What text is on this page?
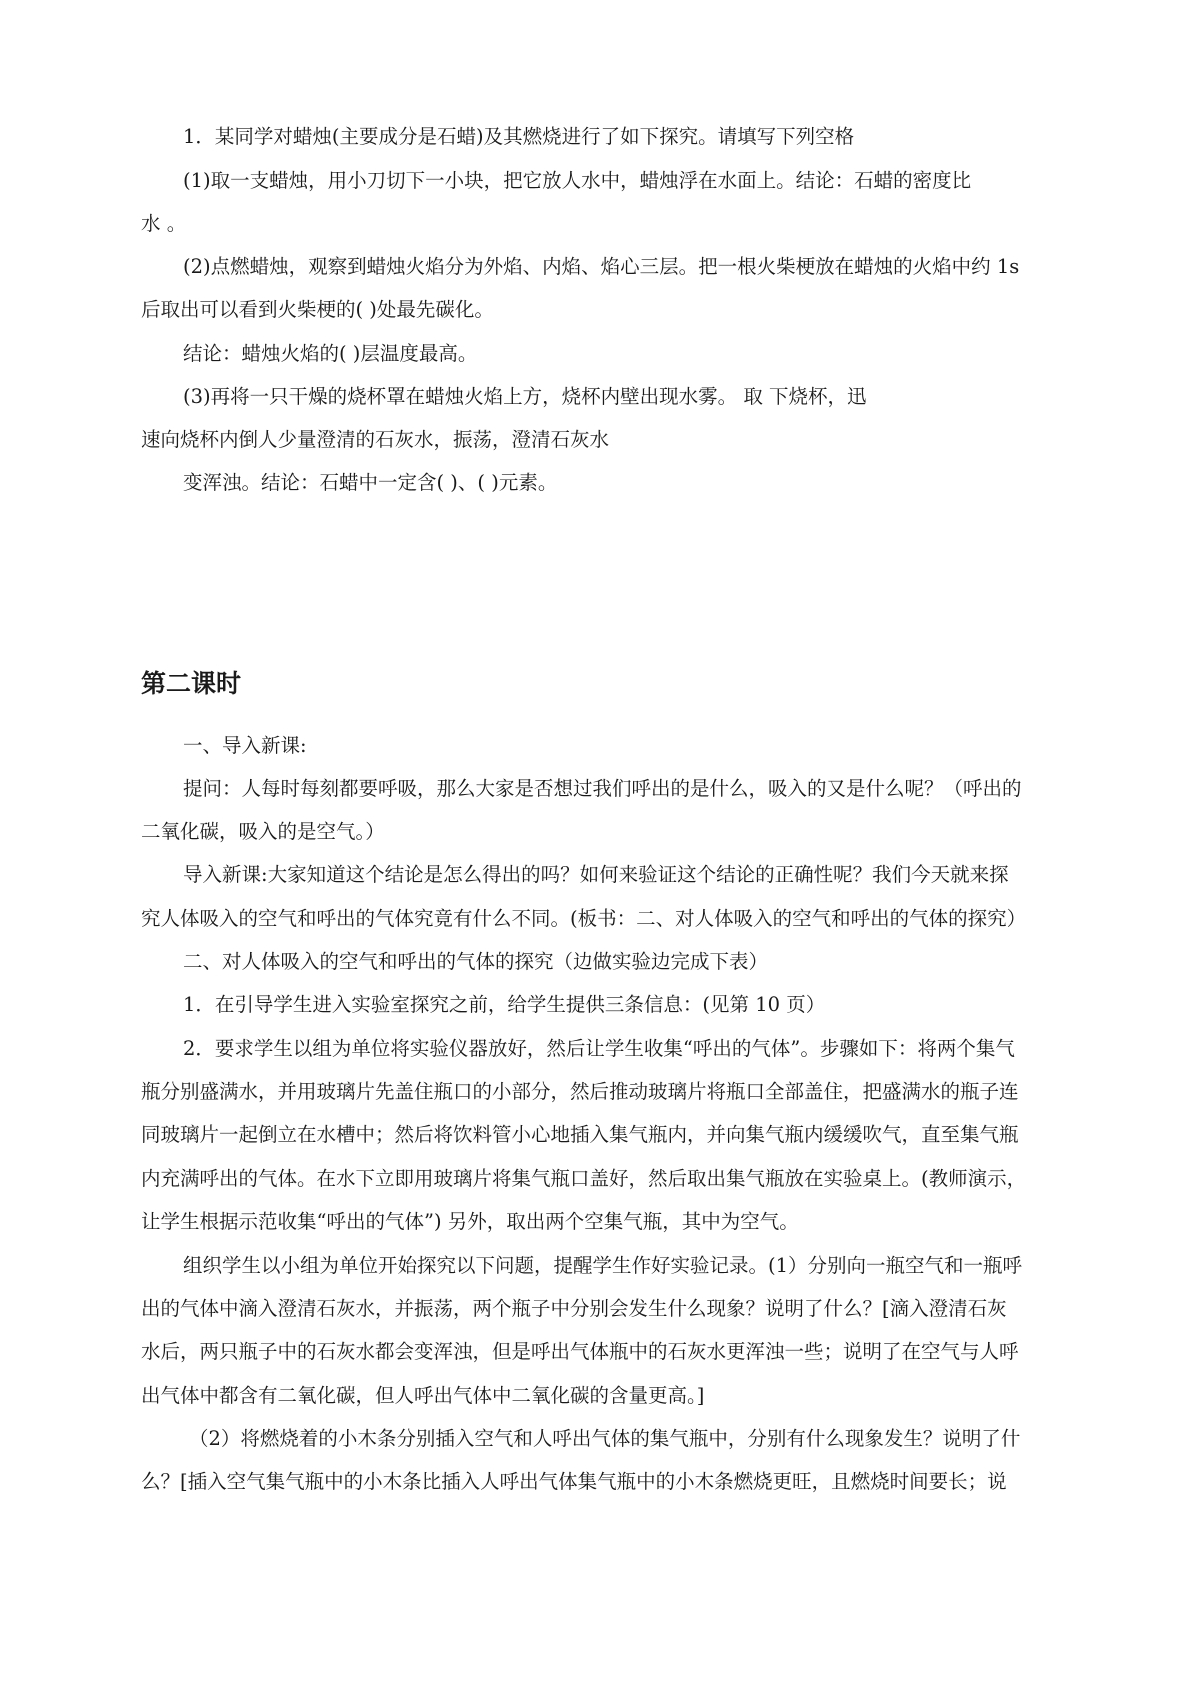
1．某同学对蜡烛(主要成分是石蜡)及其燃烧进行了如下探究。请填写下列空格
(1)取一支蜡烛，用小刀切下一小块，把它放人水中，蜡烛浮在水面上。结论：石蜡的密度比
水 。
(2)点燃蜡烛，观察到蜡烛火焰分为外焰、内焰、焰心三层。把一根火柴梗放在蜡烛的火焰中约 1s
后取出可以看到火柴梗的( )处最先碳化。
结论：蜡烛火焰的( )层温度最高。
(3)再将一只干燥的烧杯罩在蜡烛火焰上方，烧杯内壁出现水雾。 取 下烧杯，迅
速向烧杯内倒人少量澄清的石灰水，振荡，澄清石灰水
变浑浊。结论：石蜡中一定含( )、( )元素。
第二课时
一、导入新课:
提问：人每时每刻都要呼吸，那么大家是否想过我们呼出的是什么，吸入的又是什么呢？（呼出的
二氧化碳，吸入的是空气。）
导入新课:大家知道这个结论是怎么得出的吗？如何来验证这个结论的正确性呢？我们今天就来探
究人体吸入的空气和呼出的气体究竟有什么不同。(板书：二、对人体吸入的空气和呼出的气体的探究）
二、对人体吸入的空气和呼出的气体的探究（边做实验边完成下表）
1．在引导学生进入实验室探究之前，给学生提供三条信息：(见第 10 页）
2．要求学生以组为单位将实验仪器放好，然后让学生收集“呼出的气体”。步骤如下：将两个集气
瓶分别盛满水，并用玻璃片先盖住瓶口的小部分，然后推动玻璃片将瓶口全部盖住，把盛满水的瓶子连
同玻璃片一起倒立在水槽中；然后将饮料管小心地插入集气瓶内，并向集气瓶内缓缓吹气，直至集气瓶
内充满呼出的气体。在水下立即用玻璃片将集气瓶口盖好，然后取出集气瓶放在实验桌上。(教师演示，
让学生根据示范收集“呼出的气体”) 另外，取出两个空集气瓶，其中为空气。
组织学生以小组为单位开始探究以下问题，提醒学生作好实验记录。(1）分别向一瓶空气和一瓶呼
出的气体中滴入澄清石灰水，并振荡，两个瓶子中分别会发生什么现象？说明了什么？[滴入澄清石灰
水后，两只瓶子中的石灰水都会变浑浊，但是呼出气体瓶中的石灰水更浑浊一些；说明了在空气与人呼
出气体中都含有二氧化碳，但人呼出气体中二氧化碳的含量更高。]
（2）将燃烧着的小木条分别插入空气和人呼出气体的集气瓶中，分别有什么现象发生？说明了什
么？[插入空气集气瓶中的小木条比插入人呼出气体集气瓶中的小木条燃烧更旺，且燃烧时间要长；说
